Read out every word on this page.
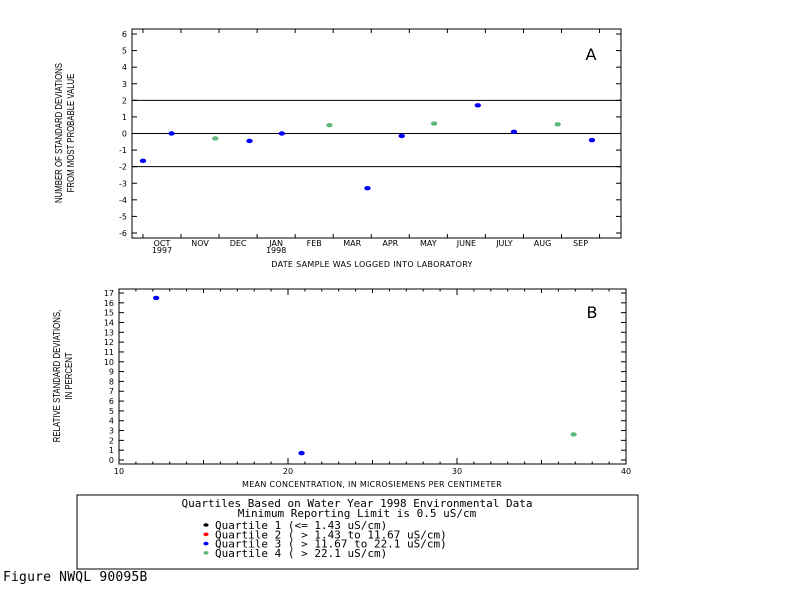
A
NUMBER OF STANDARD DEVIATIONS FROM MOST PROBABLE VALUE
DATE SAMPLE WAS LOGGED INTO LABORATORY
6
5
4
3
2
1
0
-1
-2
-3
-4
-5
-6
OCT	NOV	DEC	JAN	FEB	MAR	APR	MAY	JUNE	JULY	AUG	SEP
1997	1998
B
RELATIVE STANDARD DEVIATIONS, IN PERCENT
MEAN CONCENTRATION, IN MICROSIEMENS PER CENTIMETER
17
16
15
14
13
12
11
10
9
8
7
6
5
4
3
2
1
0
10	20	30	40
Quartiles Based on Water Year 1998 Environmental Data
Minimum Reporting Limit is 0.5 uS/cm
Quartile 1 (<= 1.43 uS/cm)
Quartile 2 ( > 1.43 to 11.67 uS/cm)
Quartile 3 ( > 11.67 to 22.1 uS/cm)
Quartile 4 ( > 22.1 uS/cm)
Figure NWQL 90095B
